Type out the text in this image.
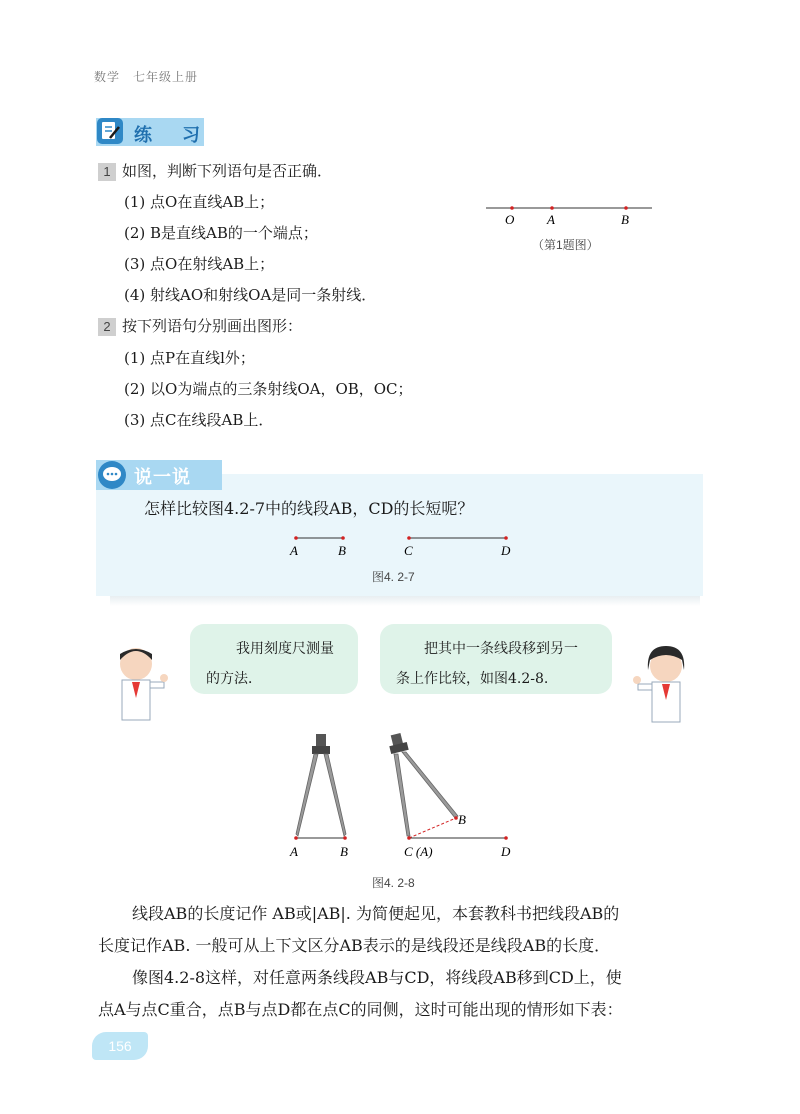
数学　七年级上册
练　习
1 如图，判断下列语句是否正确．
(1) 点O在直线AB上；
(2) B是直线AB的一个端点；
(3) 点O在射线AB上；
(4) 射线AO和射线OA是同一条射线．
O	A	B
（第1题图）
2 按下列语句分别画出图形：
(1) 点P在直线l外；
(2) 以O为端点的三条射线OA，OB，OC；
(3) 点C在线段AB上．
说一说
怎样比较图4.2-7中的线段AB，CD的长短呢？
A	B	C	D
图4. 2-7
我用刻度尺测量
的方法．
把其中一条线段移到另一
条上作比较，如图4.2-8.
A	B	C (A)
B
D
图4. 2-8
线段AB的长度记作 AB或|AB|. 为简便起见，本套教科书把线段AB的
长度记作AB. 一般可从上下文区分AB表示的是线段还是线段AB的长度．
像图4.2-8这样，对任意两条线段AB与CD，将线段AB移到CD上，使
点A与点C重合，点B与点D都在点C的同侧，这时可能出现的情形如下表：
156
